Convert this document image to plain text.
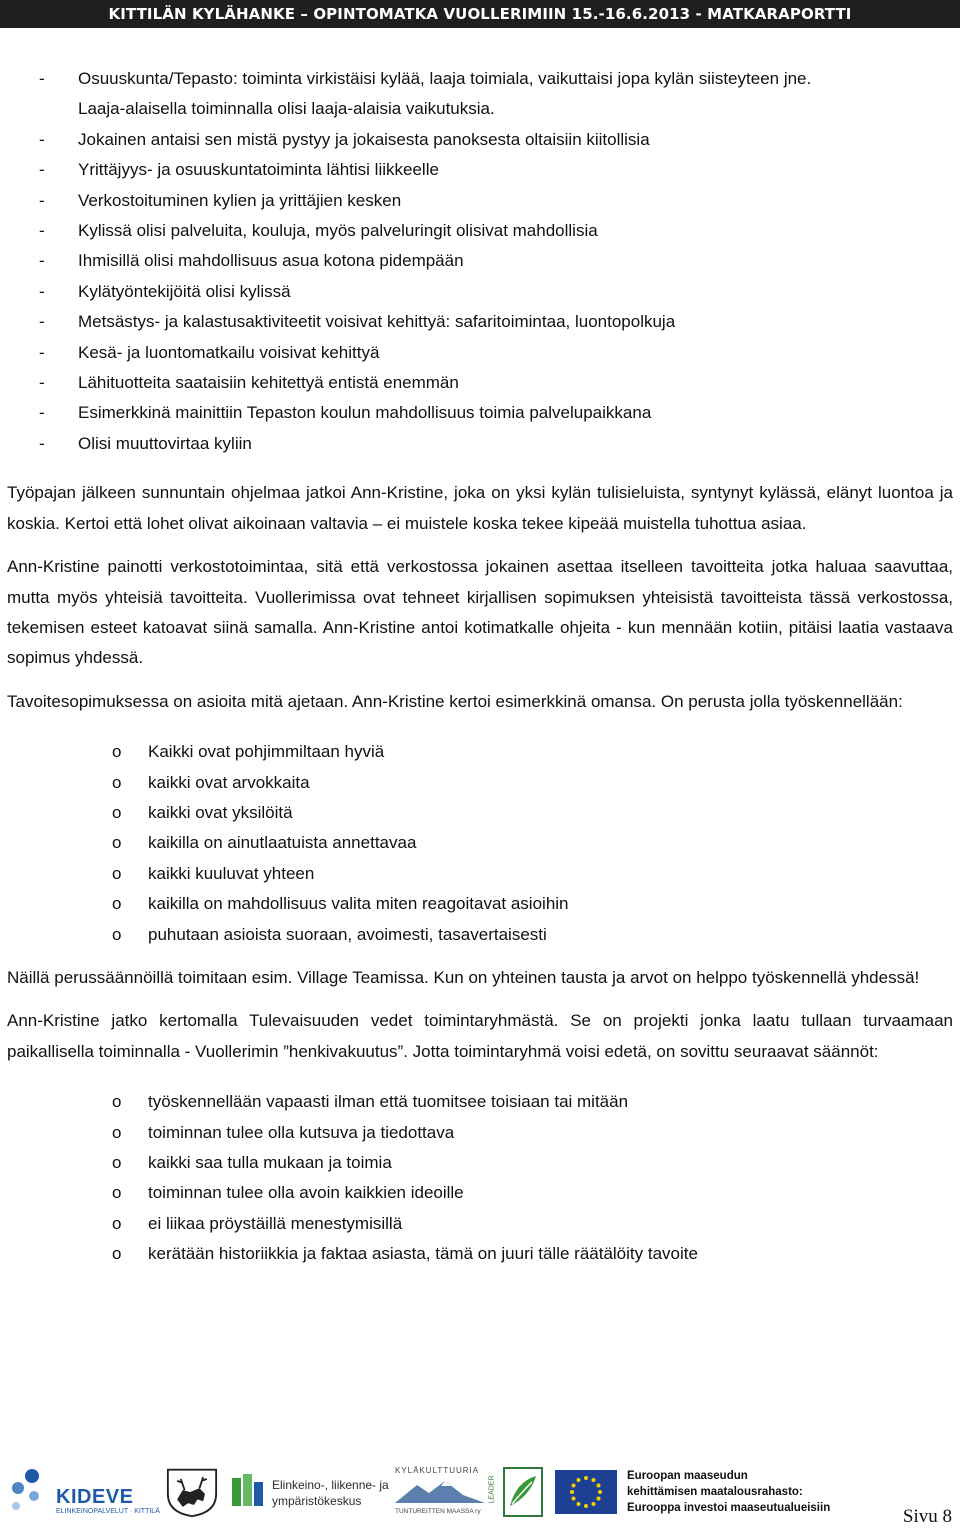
KITTILÄN KYLÄHANKE – OPINTOMATKA VUOLLERIMIIN 15.-16.6.2013 - MATKARAPORTTI
- Osuuskunta/Tepasto: toiminta virkistäisi kylää, laaja toimiala, vaikuttaisi jopa kylän siisteyteen jne.
Laaja-alaisella toiminnalla olisi laaja-alaisia vaikutuksia.
- Jokainen antaisi sen mistä pystyy ja jokaisesta panoksesta oltaisiin kiitollisia
- Yrittäjyys- ja osuuskuntatoiminta lähtisi liikkeelle
- Verkostoituminen kylien ja yrittäjien kesken
- Kylissä olisi palveluita, kouluja, myös palveluringit olisivat mahdollisia
- Ihmisillä olisi mahdollisuus asua kotona pidempään
- Kylätyöntekijöitä olisi kylissä
- Metsästys- ja kalastusaktiviteetit voisivat kehittyä: safaritoimintaa, luontopolkuja
- Kesä- ja luontomatkailu voisivat kehittyä
- Lähituotteita saataisiin kehitettyä entistä enemmän
- Esimerkkinä mainittiin Tepaston koulun mahdollisuus toimia palvelupaikkana
- Olisi muuttovirtaa kyliin

Työpajan jälkeen sunnuntain ohjelmaa jatkoi Ann-Kristine, joka on yksi kylän tulisieluista, syntynyt kylässä, elänyt luontoa ja koskia. Kertoi että lohet olivat aikoinaan valtavia – ei muistele koska tekee kipeää muistella tuhottua asiaa.

Ann-Kristine painotti verkostotoimintaa, sitä että verkostossa jokainen asettaa itselleen tavoitteita jotka haluaa saavuttaa, mutta myös yhteisiä tavoitteita. Vuollerimissa ovat tehneet kirjallisen sopimuksen yhteisistä tavoitteista tässä verkostossa, tekemisen esteet katoavat siinä samalla. Ann-Kristine antoi kotimatkalle ohjeita - kun mennään kotiin, pitäisi laatia vastaava sopimus yhdessä.

Tavoitesopimuksessa on asioita mitä ajetaan. Ann-Kristine kertoi esimerkkinä omansa. On perusta jolla työskennellään:

o Kaikki ovat pohjimmiltaan hyviä
o kaikki ovat arvokkaita
o kaikki ovat yksilöitä
o kaikilla on ainutlaatuista annettavaa
o kaikki kuuluvat yhteen
o kaikilla on mahdollisuus valita miten reagoitavat asioihin
o puhutaan asioista suoraan, avoimesti, tasavertaisesti

Näillä perussäännöillä toimitaan esim. Village Teamissa. Kun on yhteinen tausta ja arvot on helppo työskennellä yhdessä!

Ann-Kristine jatko kertomalla Tulevaisuuden vedet toimintaryhmästä. Se on projekti jonka laatu tullaan turvaamaan paikallisella toiminnalla - Vuollerimin ”henkivakuutus”. Jotta toimintaryhmä voisi edetä, on sovittu seuraavat säännöt:

o työskennellään vapaasti ilman että tuomitsee toisiaan tai mitään
o toiminnan tulee olla kutsuva ja tiedottava
o kaikki saa tulla mukaan ja toimia
o toiminnan tulee olla avoin kaikkien ideoille
o ei liikaa pröystäillä menestymisillä
o kerätään historiikkia ja faktaa asiasta, tämä on juuri tälle räätälöity tavoite
KIDEVE
ELINKEINOPALVELUT · KITTILÄ
Elinkeino-, liikenne- ja
ympäristökeskus
KYLÄKULTTUURIA
TUNTUREITTEN MAASSA ry
LEADER	Euroopan maaseudun
kehittämisen maatalousrahasto:
Eurooppa investoi maaseutualueisiin	Sivu 8
